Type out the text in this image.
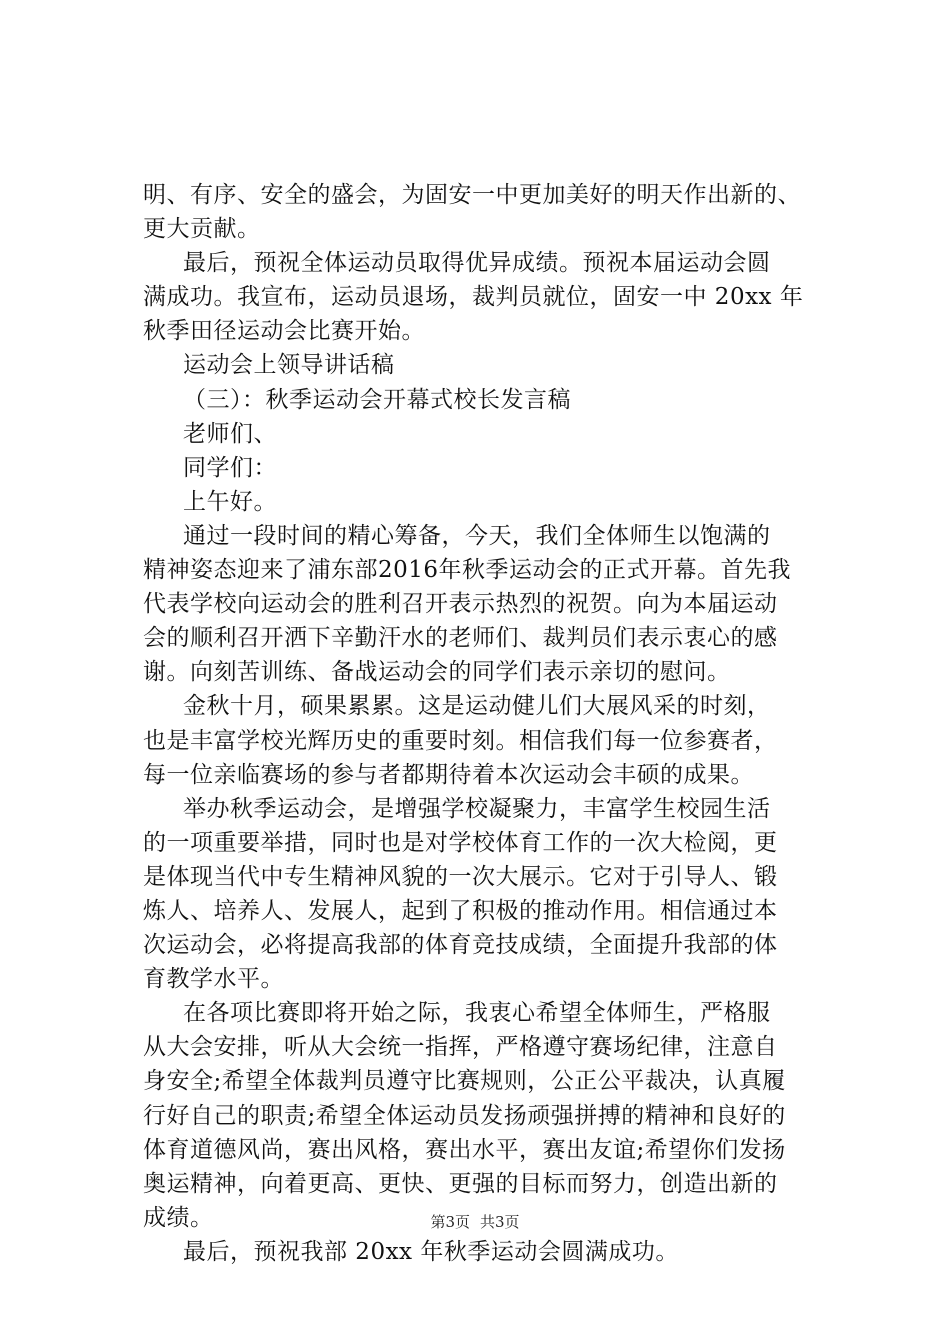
明、有序、安全的盛会，为固安一中更加美好的明天作出新的、
更大贡献。
最后，预祝全体运动员取得优异成绩。预祝本届运动会圆
满成功。我宣布，运动员退场，裁判员就位，固安一中 20xx 年
秋季田径运动会比赛开始。
运动会上领导讲话稿
（三）：秋季运动会开幕式校长发言稿
老师们、
同学们：
上午好。
通过一段时间的精心筹备，今天，我们全体师生以饱满的
精神姿态迎来了浦东部2016年秋季运动会的正式开幕。首先我
代表学校向运动会的胜利召开表示热烈的祝贺。向为本届运动
会的顺利召开洒下辛勤汗水的老师们、裁判员们表示衷心的感
谢。向刻苦训练、备战运动会的同学们表示亲切的慰问。
金秋十月，硕果累累。这是运动健儿们大展风采的时刻，
也是丰富学校光辉历史的重要时刻。相信我们每一位参赛者，
每一位亲临赛场的参与者都期待着本次运动会丰硕的成果。
举办秋季运动会，是增强学校凝聚力，丰富学生校园生活
的一项重要举措，同时也是对学校体育工作的一次大检阅，更
是体现当代中专生精神风貌的一次大展示。它对于引导人、锻
炼人、培养人、发展人，起到了积极的推动作用。相信通过本
次运动会，必将提高我部的体育竞技成绩，全面提升我部的体
育教学水平。
在各项比赛即将开始之际，我衷心希望全体师生，严格服
从大会安排，听从大会统一指挥，严格遵守赛场纪律，注意自
身安全;希望全体裁判员遵守比赛规则，公正公平裁决，认真履
行好自己的职责;希望全体运动员发扬顽强拼搏的精神和良好的
体育道德风尚，赛出风格，赛出水平，赛出友谊;希望你们发扬
奥运精神，向着更高、更快、更强的目标而努力，创造出新的
成绩。
最后，预祝我部 20xx 年秋季运动会圆满成功。
第3页 共3页
